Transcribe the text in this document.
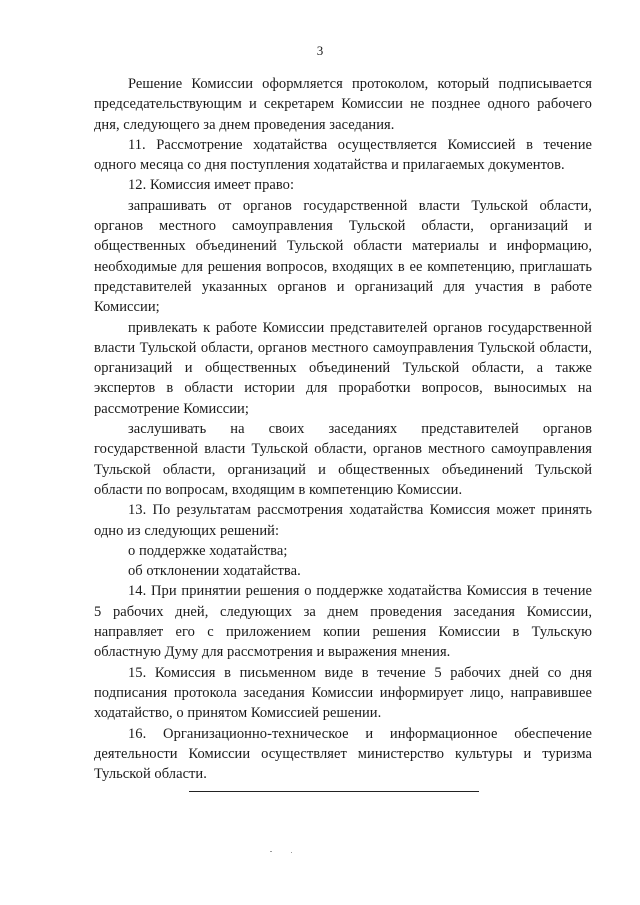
3

Решение Комиссии оформляется протоколом, который подписывается председательствующим и секретарем Комиссии не позднее одного рабочего дня, следующего за днем проведения заседания.

11. Рассмотрение ходатайства осуществляется Комиссией в течение одного месяца со дня поступления ходатайства и прилагаемых документов.

12. Комиссия имеет право:

запрашивать от органов государственной власти Тульской области, органов местного самоуправления Тульской области, организаций и общественных объединений Тульской области материалы и информацию, необходимые для решения вопросов, входящих в ее компетенцию, приглашать представителей указанных органов и организаций для участия в работе Комиссии;

привлекать к работе Комиссии представителей органов государственной власти Тульской области, органов местного самоуправления Тульской области, организаций и общественных объединений Тульской области, а также экспертов в области истории для проработки вопросов, выносимых на рассмотрение Комиссии;

заслушивать на своих заседаниях представителей органов государственной власти Тульской области, органов местного самоуправления Тульской области, организаций и общественных объединений Тульской области по вопросам, входящим в компетенцию Комиссии.

13. По результатам рассмотрения ходатайства Комиссия может принять одно из следующих решений:

о поддержке ходатайства;

об отклонении ходатайства.

14. При принятии решения о поддержке ходатайства Комиссия в течение 5 рабочих дней, следующих за днем проведения заседания Комиссии, направляет его с приложением копии решения Комиссии в Тульскую областную Думу для рассмотрения и выражения мнения.

15. Комиссия в письменном виде в течение 5 рабочих дней со дня подписания протокола заседания Комиссии информирует лицо, направившее ходатайство, о принятом Комиссией решении.

16. Организационно-техническое и информационное обеспечение деятельности Комиссии осуществляет министерство культуры и туризма Тульской области.
